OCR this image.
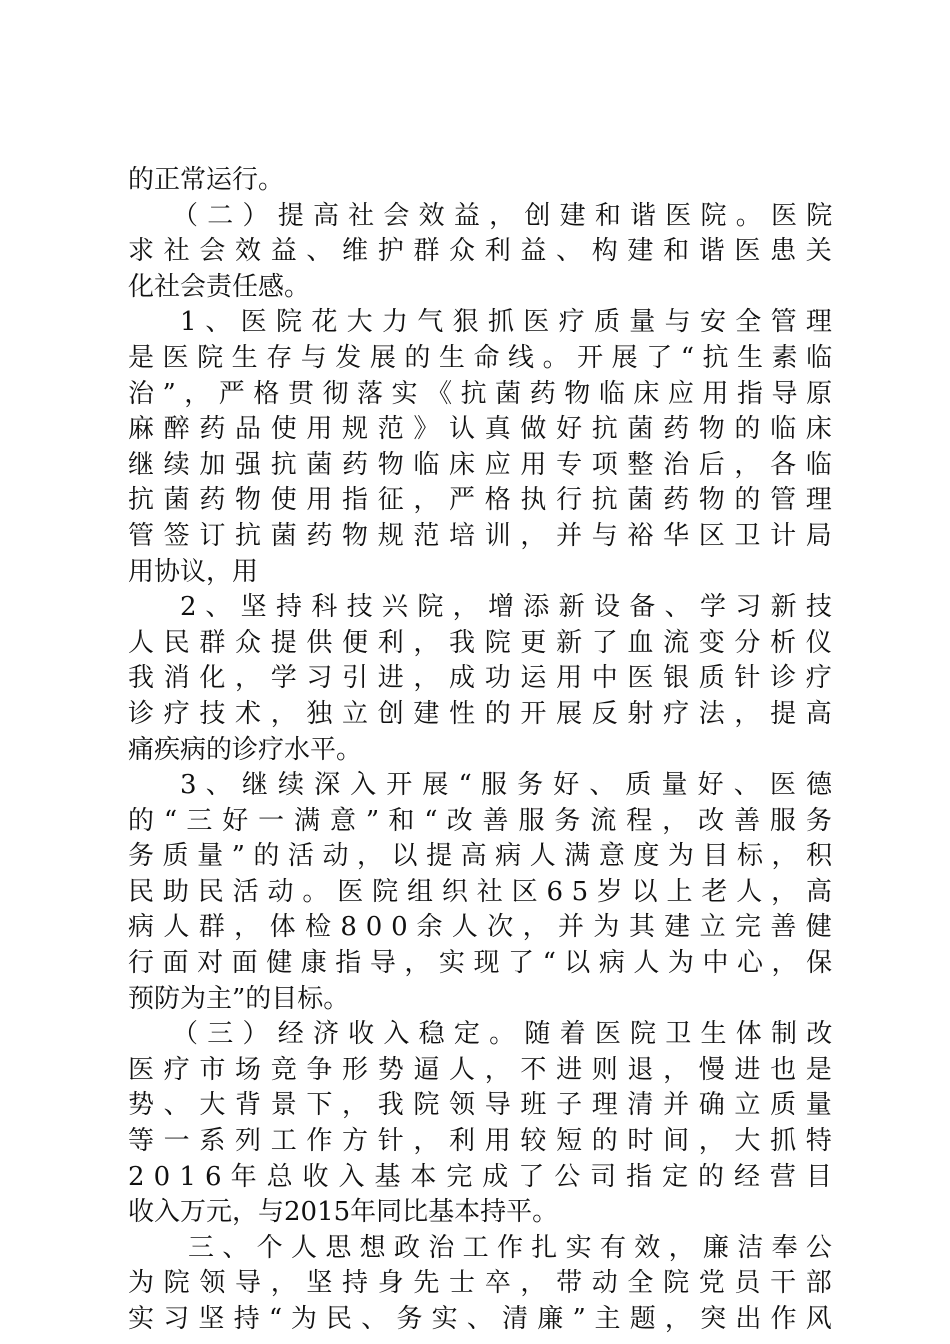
的正常运行。
（ 二 ） 提 高 社 会 效 益 ， 创 建 和 谐 医 院 。 医 院
求 社 会 效 益 、 维 护 群 众 利 益 、 构 建 和 谐 医 患 关
化社会责任感。
1 、 医 院 花 大 力 气 狠 抓 医 疗 质 量 与 安 全 管 理
是 医 院 生 存 与 发 展 的 生 命 线 。 开 展 了 “ 抗 生 素 临
治 ” ， 严 格 贯 彻 落 实 《 抗 菌 药 物 临 床 应 用 指 导 原
麻 醉 药 品 使 用 规 范 》 认 真 做 好 抗 菌 药 物 的 临 床
继 续 加 强 抗 菌 药 物 临 床 应 用 专 项 整 治 后 ， 各 临
抗 菌 药 物 使 用 指 征 ， 严 格 执 行 抗 菌 药 物 的 管 理
管 签 订 抗 菌 药 物 规 范 培 训 ， 并 与 裕 华 区 卫 计 局
用协议，用
2 、 坚 持 科 技 兴 院 ， 增 添 新 设 备 、 学 习 新 技
人 民 群 众 提 供 便 利 ， 我 院 更 新 了 血 流 变 分 析 仪
我 消 化 ， 学 习 引 进 ， 成 功 运 用 中 医 银 质 针 诊 疗
诊 疗 技 术 ， 独 立 创 建 性 的 开 展 反 射 疗 法 ， 提 高
痛疾病的诊疗水平。
3 、 继 续 深 入 开 展 “ 服 务 好 、 质 量 好 、 医 德
的 “ 三 好 一 满 意 ” 和 “ 改 善 服 务 流 程 ， 改 善 服 务
务 质 量 ” 的 活 动 ， 以 提 高 病 人 满 意 度 为 目 标 ， 积
民 助 民 活 动 。 医 院 组 织 社 区 6 5 岁 以 上 老 人 ， 高
病 人 群 ， 体 检 8 0 0 余 人 次 ， 并 为 其 建 立 完 善 健
行 面 对 面 健 康 指 导 ， 实 现 了 “ 以 病 人 为 中 心 ， 保
预防为主”的目标。
（ 三 ） 经 济 收 入 稳 定 。 随 着 医 院 卫 生 体 制 改
医 疗 市 场 竞 争 形 势 逼 人 ， 不 进 则 退 ， 慢 进 也 是
势 、 大 背 景 下 ， 我 院 领 导 班 子 理 清 并 确 立 质 量
等 一 系 列 工 作 方 针 ， 利 用 较 短 的 时 间 ， 大 抓 特
2 0 1 6 年 总 收 入 基 本 完 成 了 公 司 指 定 的 经 营 目
收入万元，与2015年同比基本持平。
三 、 个 人 思 想 政 治 工 作 扎 实 有 效 ， 廉 洁 奉 公
为 院 领 导 ， 坚 持 身 先 士 卒 ， 带 动 全 院 党 员 干 部
实 习 坚 持 “ 为 民 、 务 实 、 清 廉 ” 主 题 ， 突 出 作 风
